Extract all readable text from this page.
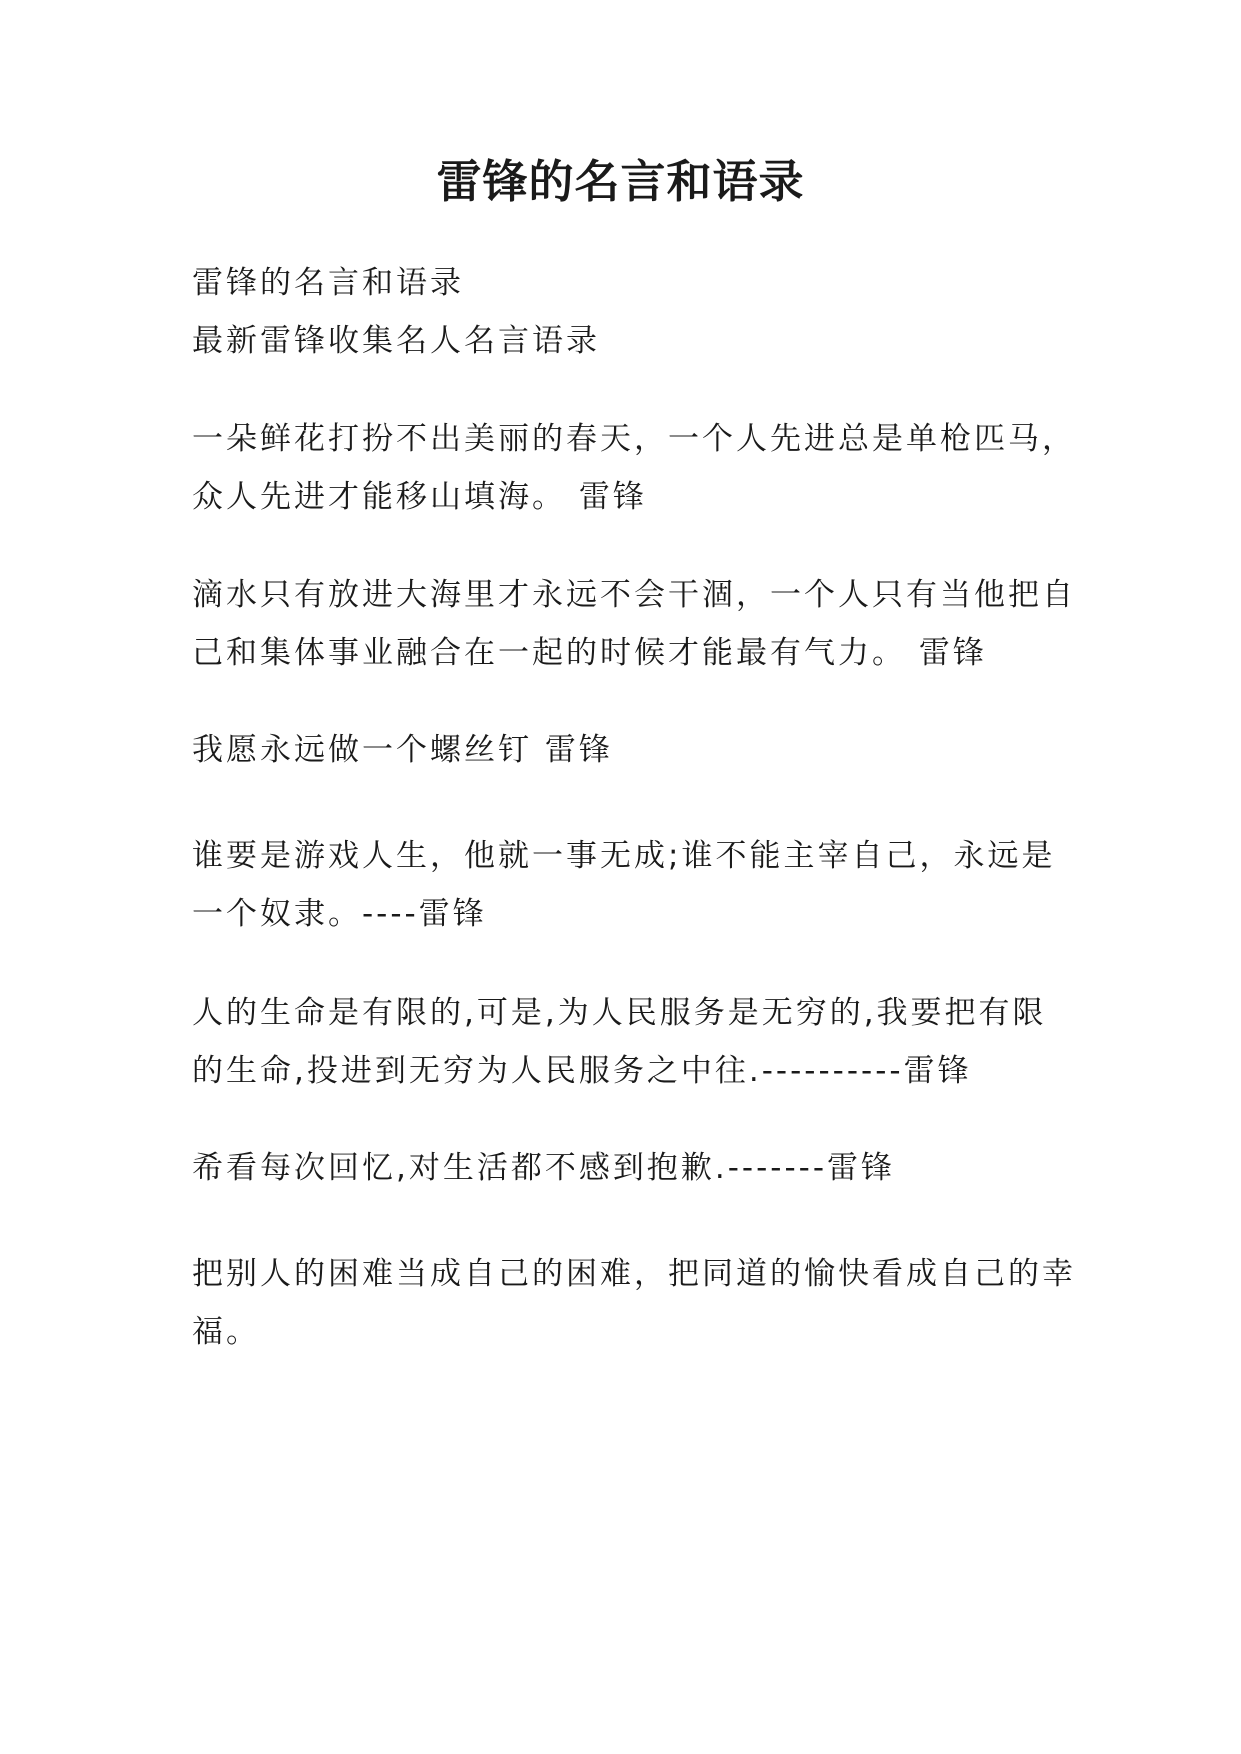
雷锋的名言和语录
雷锋的名言和语录
最新雷锋收集名人名言语录
一朵鲜花打扮不出美丽的春天，一个人先进总是单枪匹马，
众人先进才能移山填海。 雷锋
滴水只有放进大海里才永远不会干涸，一个人只有当他把自
己和集体事业融合在一起的时候才能最有气力。 雷锋
我愿永远做一个螺丝钉 雷锋
谁要是游戏人生，他就一事无成;谁不能主宰自己，永远是
一个奴隶。----雷锋
人的生命是有限的,可是,为人民服务是无穷的,我要把有限
的生命,投进到无穷为人民服务之中往.----------雷锋
希看每次回忆,对生活都不感到抱歉.-------雷锋
把别人的困难当成自己的困难，把同道的愉快看成自己的幸
福。
